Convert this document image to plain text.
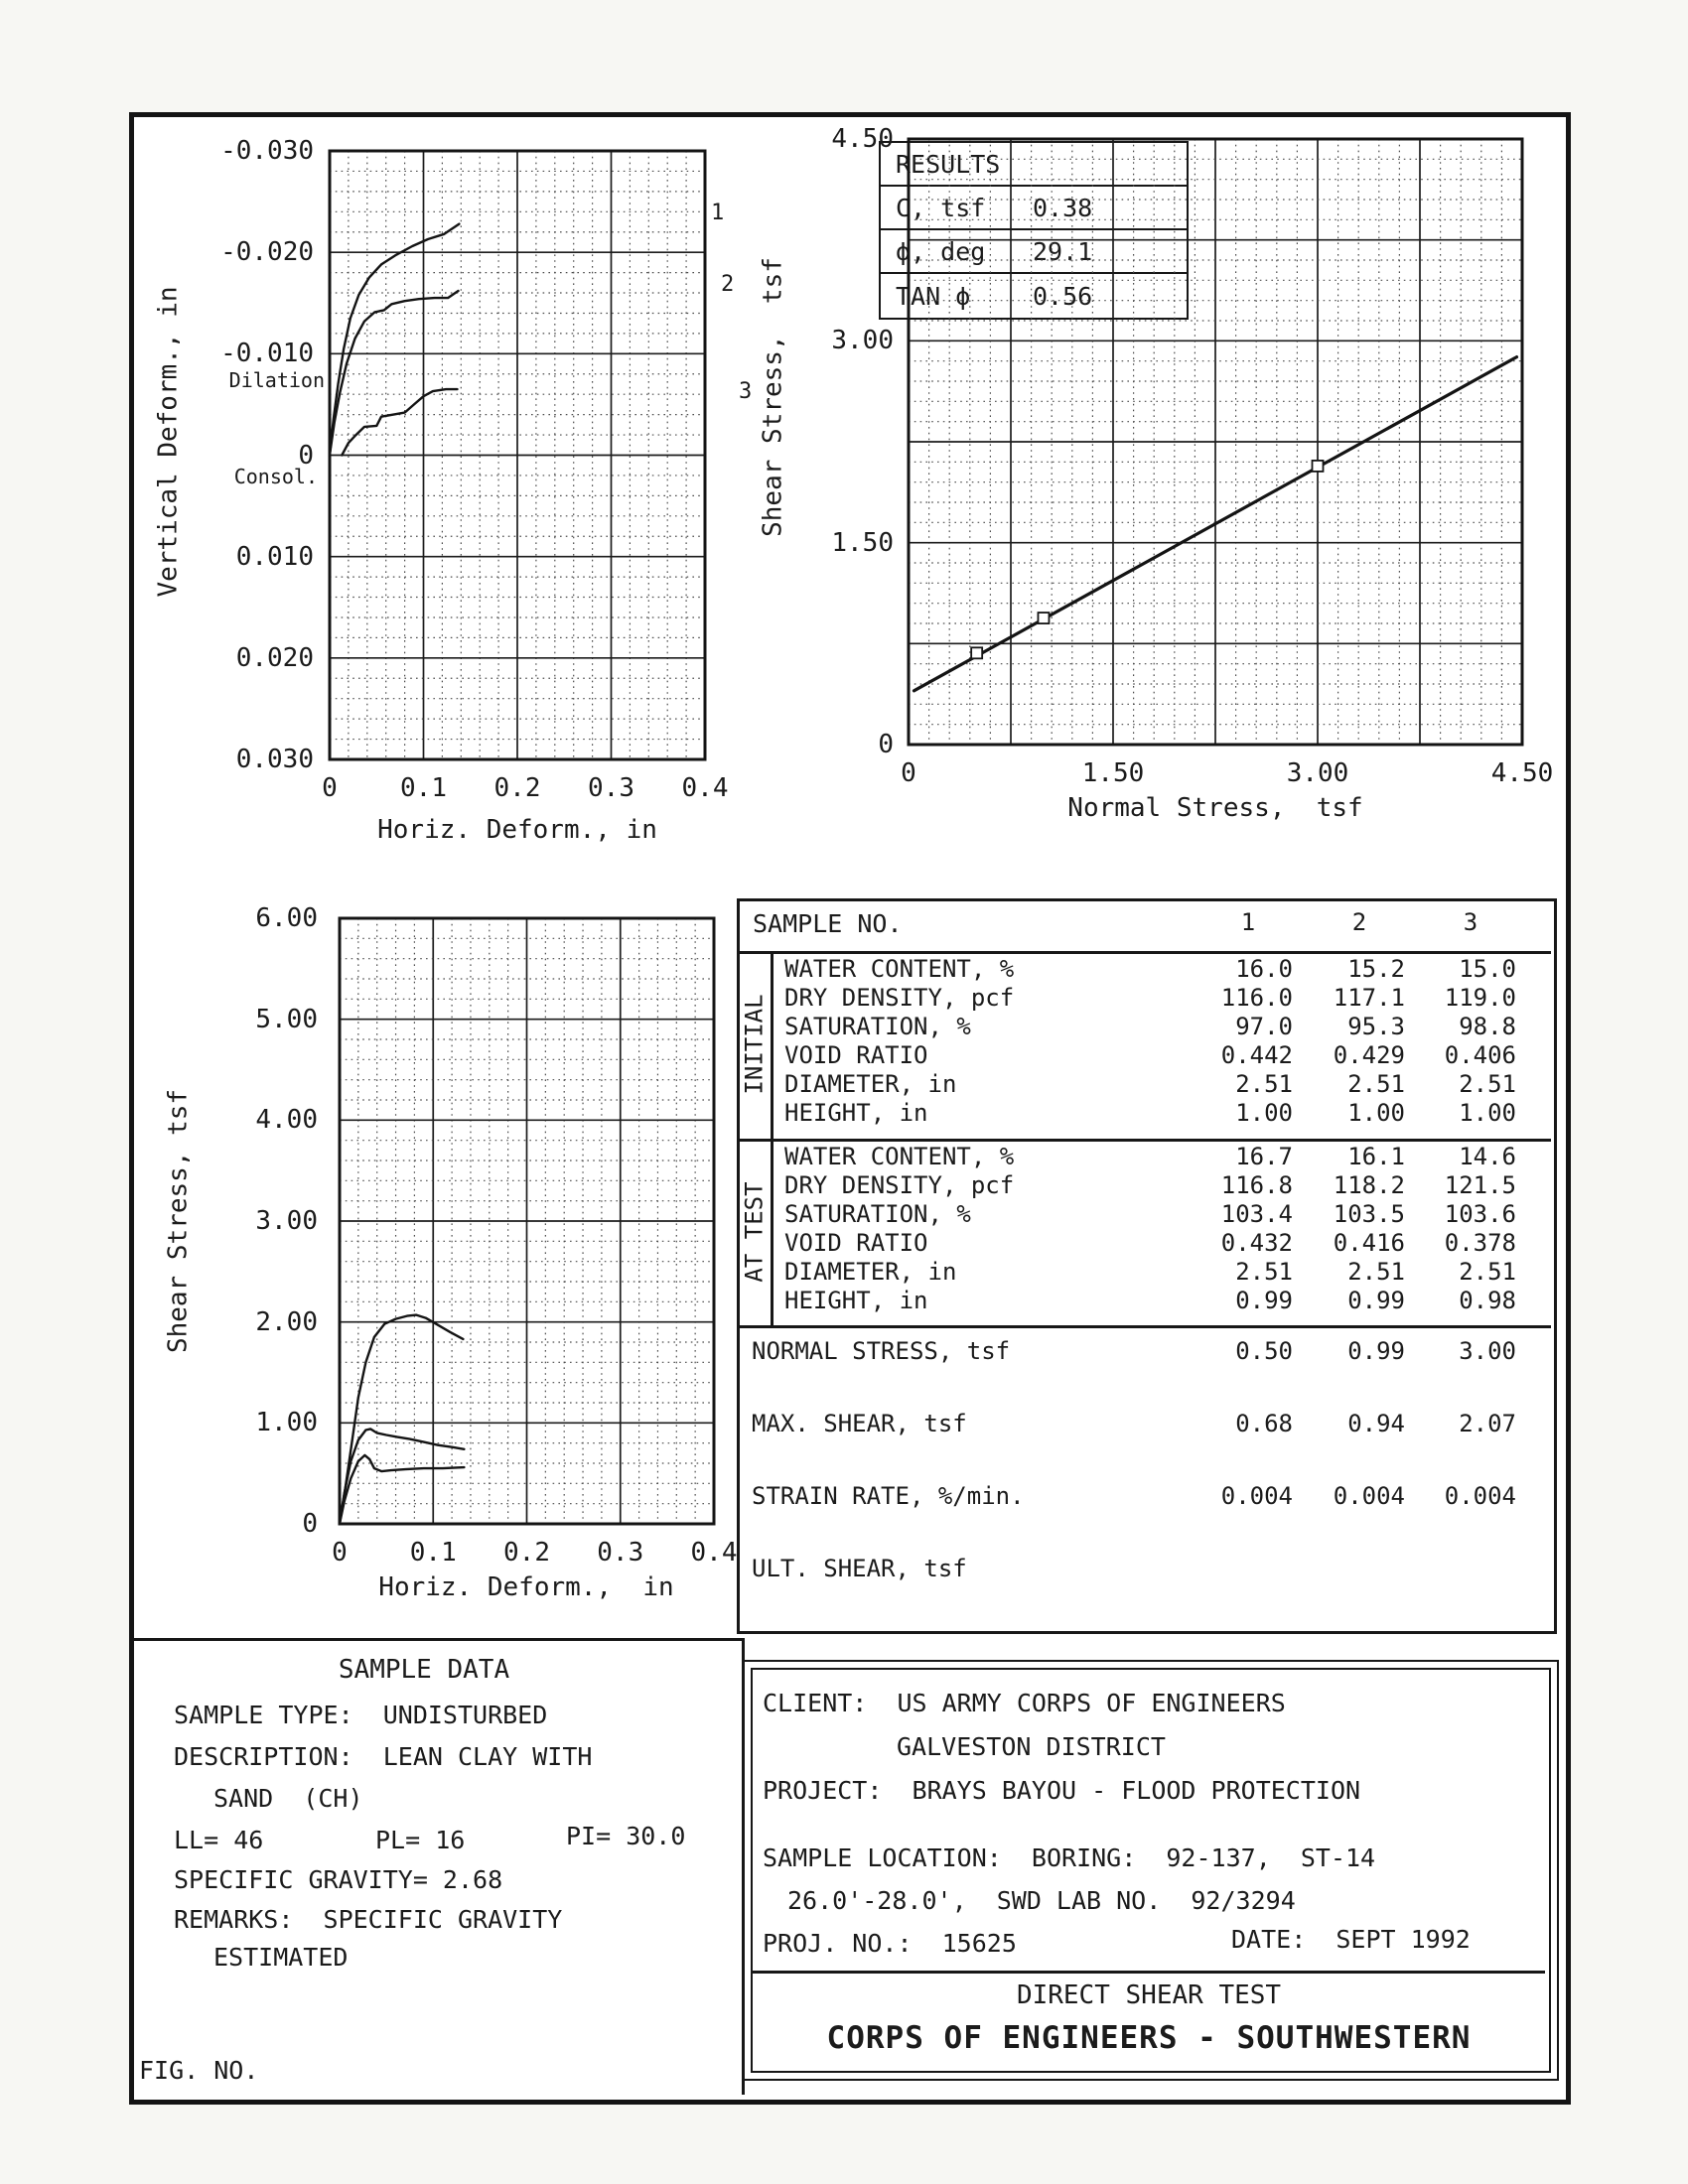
Horiz. Deform., in
Vertical Deform., in	Dilation
Consol.
1
2
3
Normal Stress,  tsf
Shear Stress,  tsf
Horiz. Deform.,  in
Shear Stress, tsf
RESULTS
C, tsf	0.38
ϕ, deg	29.1
TAN ϕ	0.56
SAMPLE NO.
INITIAL
AT TEST
SAMPLE DATA
SAMPLE TYPE:  UNDISTURBED
DESCRIPTION:  LEAN CLAY WITH
SAND  (CH)
LL= 46	PL= 16	PI= 30.0
SPECIFIC GRAVITY= 2.68
REMARKS:  SPECIFIC GRAVITY
ESTIMATED
FIG. NO.
CLIENT:  US ARMY CORPS OF ENGINEERS
GALVESTON DISTRICT
PROJECT:  BRAYS BAYOU - FLOOD PROTECTION
SAMPLE LOCATION:  BORING:  92-137,  ST-14
26.0'-28.0',  SWD LAB NO.  92/3294
PROJ. NO.:  15625	DATE:  SEPT 1992
DIRECT SHEAR TEST
CORPS OF ENGINEERS - SOUTHWESTERN
0 0.1 0.2 0.3 0.4
-0.030
-0.020
-0.010
0
0.010
0.020
0.030	0	1.50	3.00	4.50
4.50
3.00
1.50
0
0 0.1 0.2 0.3 0.4
6.00
5.00
4.00
3.00
2.00
1.00
0
1	2	3
WATER CONTENT, %	16.0	15.2	15.0
DRY DENSITY, pcf	116.0	117.1	119.0
SATURATION, %	97.0	95.3	98.8
VOID RATIO	0.442	0.429	0.406
DIAMETER, in	2.51	2.51	2.51
HEIGHT, in	1.00	1.00	1.00
WATER CONTENT, %	16.7	16.1	14.6
DRY DENSITY, pcf	116.8	118.2	121.5
SATURATION, %	103.4	103.5	103.6
VOID RATIO	0.432	0.416	0.378
DIAMETER, in	2.51	2.51	2.51
HEIGHT, in	0.99	0.99	0.98
NORMAL STRESS, tsf	0.50	0.99	3.00
MAX. SHEAR, tsf	0.68	0.94	2.07
STRAIN RATE, %/min.	0.004	0.004	0.004
ULT. SHEAR, tsf
